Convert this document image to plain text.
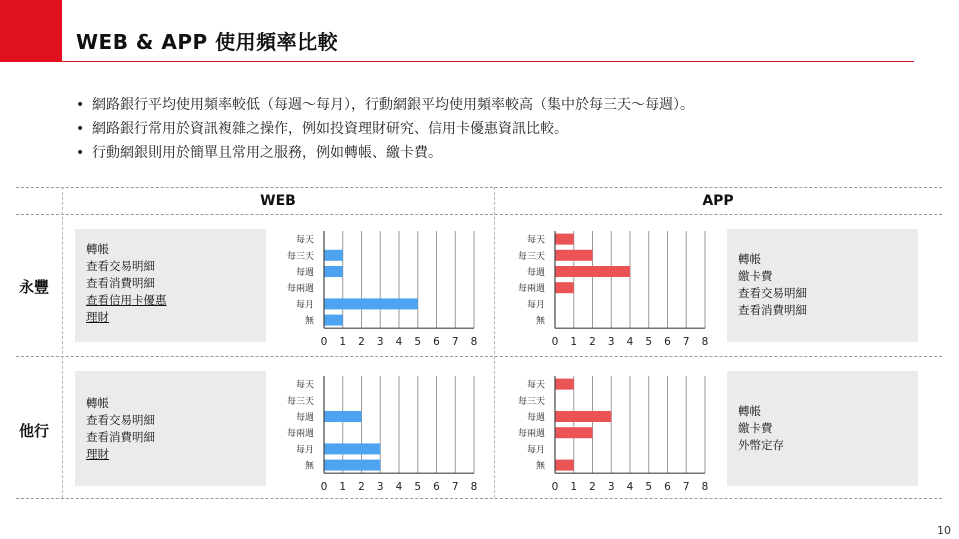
WEB & APP 使用頻率比較
• 網路銀行平均使用頻率較低（每週～每月），行動網銀平均使用頻率較高（集中於每三天～每週）。
• 網路銀行常用於資訊複雜之操作，例如投資理財研究、信用卡優惠資訊比較。
• 行動網銀則用於簡單且常用之服務，例如轉帳、繳卡費。
WEB	APP
永豐
他行
轉帳
查看交易明細
查看消費明細
查看信用卡優惠
理財
轉帳
繳卡費
查看交易明細
查看消費明細
轉帳
查看交易明細
查看消費明細
理財
轉帳
繳卡費
外幣定存
0 1 2 3 4 5 6 7 8
每天
每三天
每週
每兩週
每月
無
0 1 2 3 4 5 6 7 8
每天
每三天
每週
每兩週
每月
無
0 1 2 3 4 5 6 7 8
每天
每三天
每週
每兩週
每月
無
0 1 2 3 4 5 6 7 8
每天
每三天
每週
每兩週
每月
無
10
